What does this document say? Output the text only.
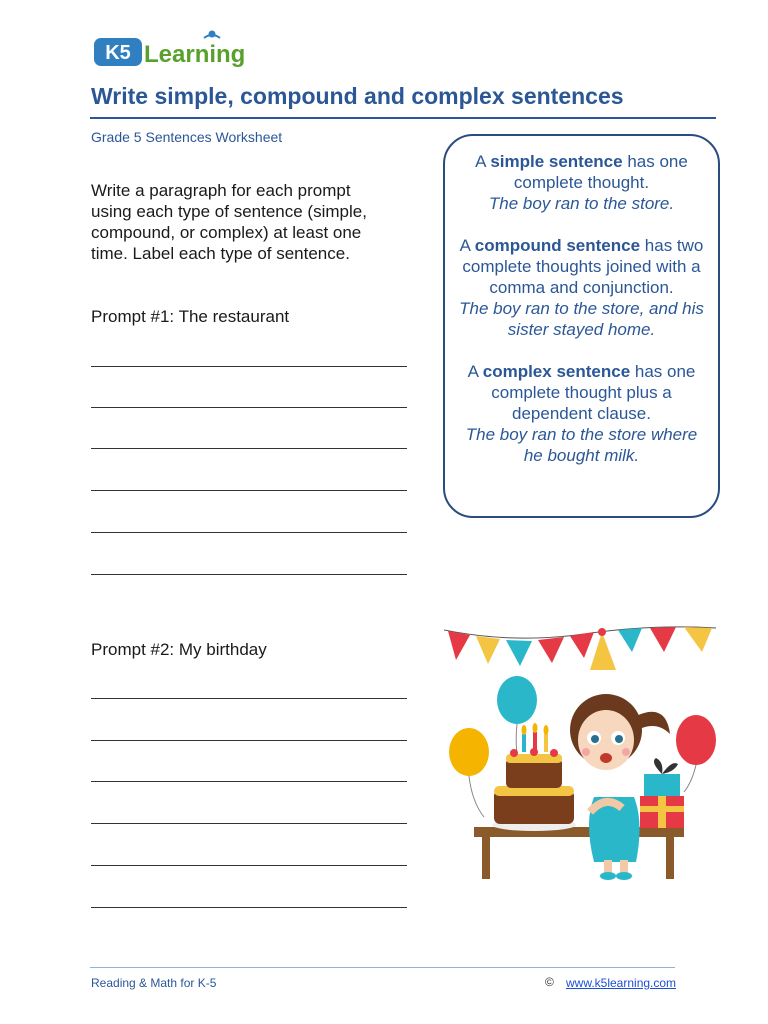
K5 Learning
Write simple, compound and complex sentences
Grade 5 Sentences Worksheet
Write a paragraph for each prompt using each type of sentence (simple, compound, or complex) at least one time. Label each type of sentence.
Prompt #1: The restaurant
Prompt #2: My birthday

A simple sentence has one complete thought.
The boy ran to the store.

A compound sentence has two complete thoughts joined with a comma and conjunction.
The boy ran to the store, and his sister stayed home.

A complex sentence has one complete thought plus a dependent clause.
The boy ran to the store where he bought milk.

Reading & Math for K-5	© www.k5learning.com
